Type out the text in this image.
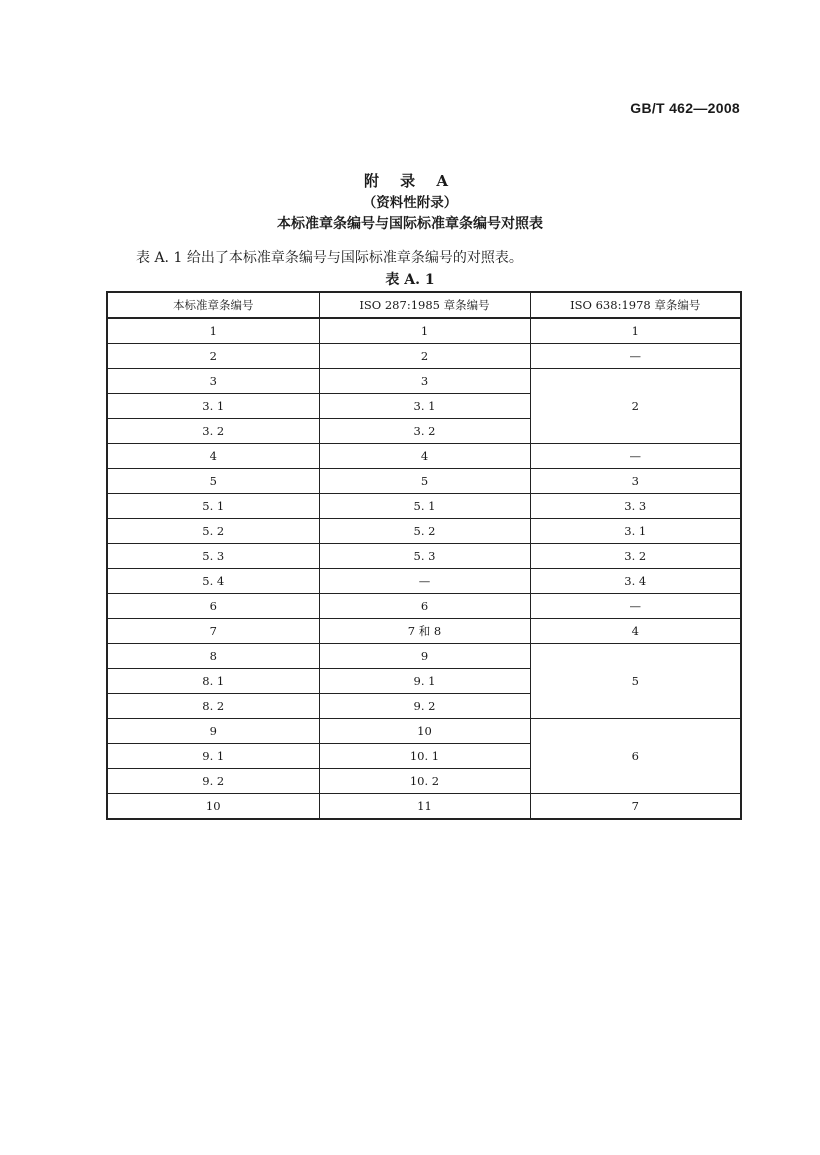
GB/T 462—2008
附 录 A
（资料性附录）
本标准章条编号与国际标准章条编号对照表
表 A. 1 给出了本标准章条编号与国际标准章条编号的对照表。
表 A. 1
本标准章条编号	ISO 287:1985 章条编号	ISO 638:1978 章条编号
1	1	1
2	2	—
3	3	2
3. 1	3. 1	
3. 2	3. 2	
4	4	—
5	5	3
5. 1	5. 1	3. 3
5. 2	5. 2	3. 1
5. 3	5. 3	3. 2
5. 4	—	3. 4
6	6	—
7	7 和 8	4
8	9	5
8. 1	9. 1	
8. 2	9. 2	
9	10	6
9. 1	10. 1	
9. 2	10. 2	
10	11	7
